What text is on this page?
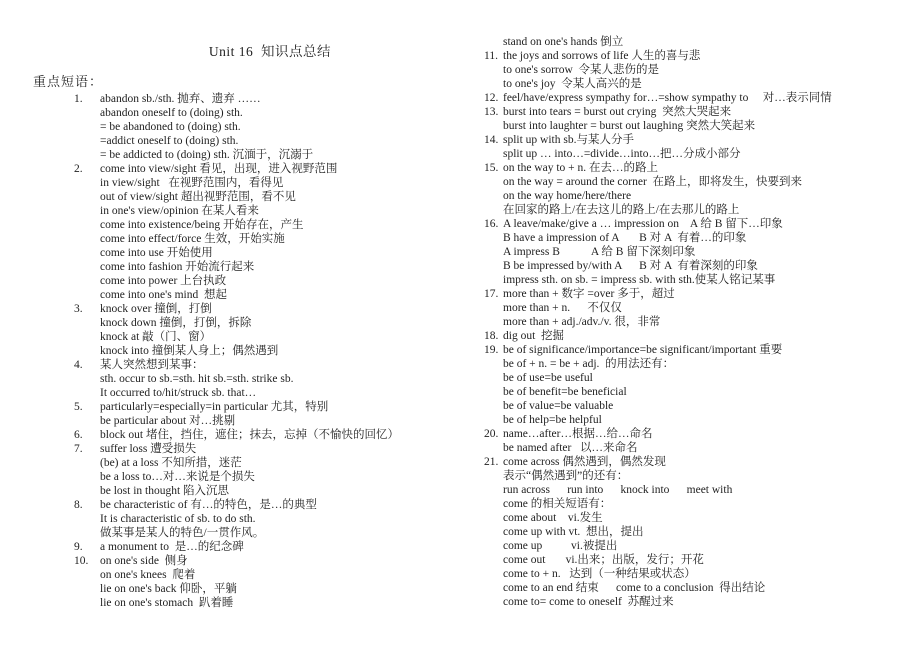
Unit 16  知识点总结
重点短语：
1.	abandon sb./sth. 抛弃、遗弃 ……
abandon oneself to (doing) sth.
= be abandoned to (doing) sth.
=addict oneself to (doing) sth.
= be addicted to (doing) sth. 沉湎于，沉溺于
2.	come into view/sight 看见，出现，进入视野范围
in view/sight   在视野范围内，看得见
out of view/sight 超出视野范围，看不见
in one's view/opinion 在某人看来
come into existence/being 开始存在，产生
come into effect/force 生效，开始实施
come into use 开始使用
come into fashion 开始流行起来
come into power 上台执政
come into one's mind  想起
3.	knock over 撞倒，打倒
knock down 撞倒，打倒，拆除
knock at 敲（门、窗）
knock into 撞倒某人身上；偶然遇到
4.	某人突然想到某事：
sth. occur to sb.=sth. hit sb.=sth. strike sb.
It occurred to/hit/struck sb. that…
5.	particularly=especially=in particular 尤其，特别
be particular about 对…挑剔
6.	block out 堵住，挡住，遮住；抹去，忘掉（不愉快的回忆）
7.	suffer loss 遭受损失
(be) at a loss 不知所措，迷茫
be a loss to…对…来说是个损失
be lost in thought 陷入沉思
8.	be characteristic of 有…的特色，是…的典型
It is characteristic of sb. to do sth.
做某事是某人的特色/一贯作风。
9.	a monument to  是…的纪念碑
10.	on one's side  侧身
on one's knees  爬着
lie on one's back 仰卧，平躺
lie on one's stomach  趴着睡
stand on one's hands 倒立
11. the joys and sorrows of life 人生的喜与悲
to one's sorrow  令某人悲伤的是
to one's joy  令某人高兴的是
12. feel/have/express sympathy for…=show sympathy to     对…表示同情
13. burst into tears = burst out crying  突然大哭起来
burst into laughter = burst out laughing 突然大笑起来
14. split up with sb.与某人分手
split up … into…=divide…into…把…分成小部分
15. on the way to + n. 在去…的路上
on the way = around the corner  在路上，即将发生，快要到来
on the way home/here/there
在回家的路上/在去这儿的路上/在去那儿的路上
16. A leave/make/give a … impression on    A 给 B 留下…印象
B have a impression of A       B 对 A  有着…的印象
A impress B           A 给 B 留下深刻印象
B be impressed by/with A      B 对 A  有着深刻的印象
impress sth. on sb. = impress sb. with sth.使某人铭记某事
17. more than + 数字 =over 多于，超过
more than + n.      不仅仅
more than + adj./adv./v. 很，非常
18. dig out  挖掘
19. be of significance/importance=be significant/important 重要
be of + n. = be + adj.  的用法还有：
be of use=be useful
be of benefit=be beneficial
be of value=be valuable
be of help=be helpful
20. name…after…根据…给…命名
be named after   以…来命名
21. come across 偶然遇到，偶然发现
表示“偶然遇到”的还有：
run across      run into      knock into      meet with
come 的相关短语有：
come about    vi.发生
come up with vt.  想出，提出
come up          vi.被提出
come out       vi.出来；出版，发行；开花
come to + n.   达到（一种结果或状态）
come to an end 结束      come to a conclusion  得出结论
come to= come to oneself  苏醒过来
